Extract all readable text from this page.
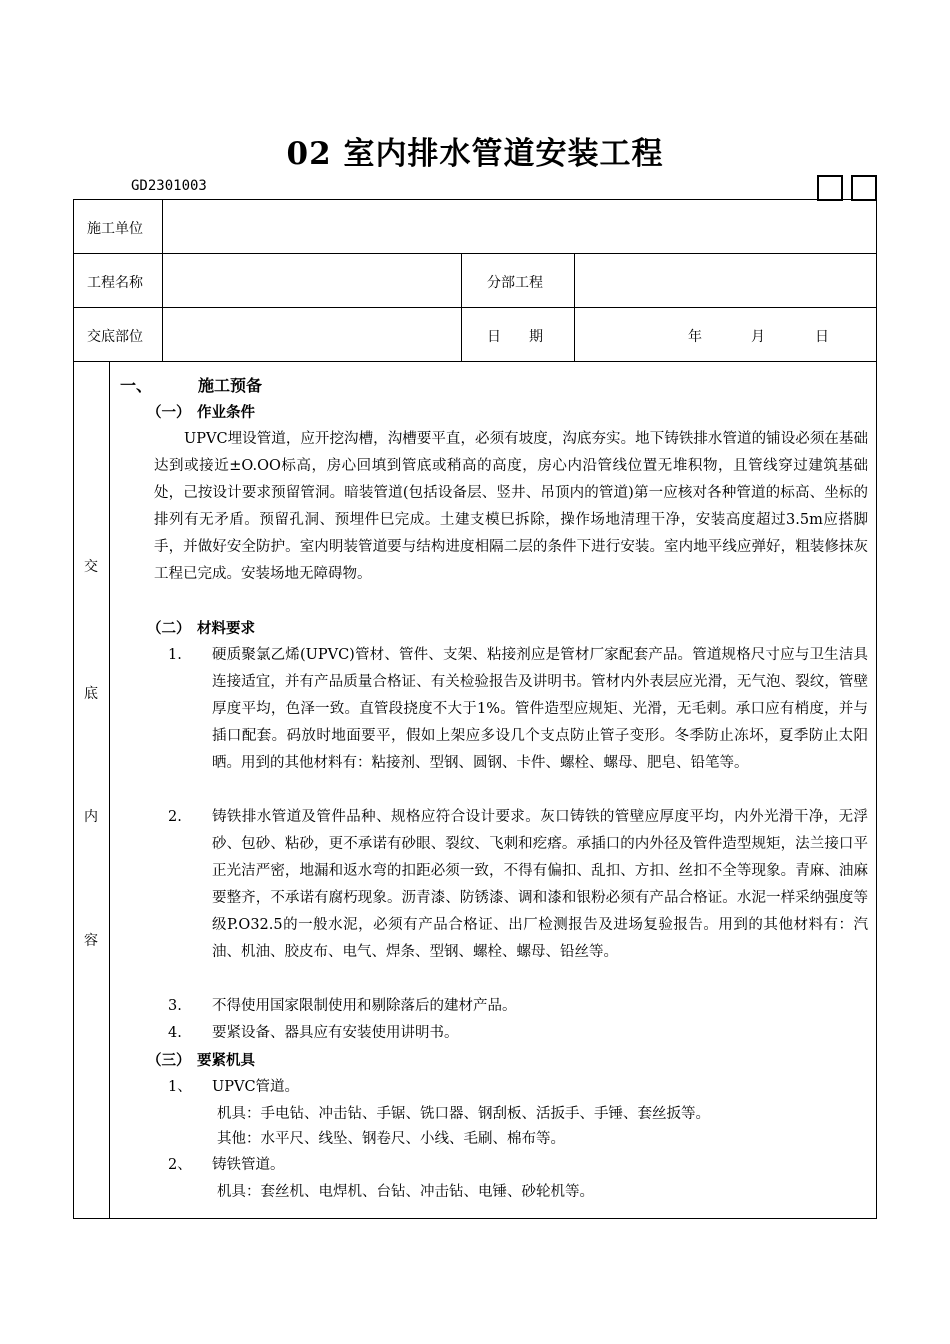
02 室内排水管道安装工程
GD2301003
施工单位
工程名称	分部工程
交底部位	日　　期	年	月	日
交
底
内
容
一、	施工预备
（一） 作业条件
UPVC埋设管道，应开挖沟槽，沟槽要平直，必须有坡度，沟底夯实。地下铸铁排水管道的铺设必须在基础达到或接近±O.OO标高，房心回填到管底或稍高的高度，房心内沿管线位置无堆积物，且管线穿过建筑基础处，己按设计要求预留管洞。暗装管道(包括设备层、竖井、吊顶内的管道)第一应核对各种管道的标高、坐标的排列有无矛盾。预留孔洞、预埋件巳完成。土建支模巳拆除，操作场地清理干净，安装高度超过3.5m应搭脚手，并做好安全防护。室内明装管道要与结构进度相隔二层的条件下进行安装。室内地平线应弹好，粗装修抹灰工程已完成。安装场地无障碍物。
（二） 材料要求
1. 硬质聚氯乙烯(UPVC)管材、管件、支架、粘接剂应是管材厂家配套产品。管道规格尺寸应与卫生洁具连接适宜，并有产品质量合格证、有关检验报告及讲明书。管材内外表层应光滑，无气泡、裂纹，管壁厚度平均，色泽一致。直管段挠度不大于1%。管件造型应规矩、光滑，无毛刺。承口应有梢度，并与插口配套。码放时地面要平，假如上架应多设几个支点防止管子变形。冬季防止冻坏，夏季防止太阳晒。用到的其他材料有：粘接剂、型钢、圆钢、卡件、螺栓、螺母、肥皂、铅笔等。
2. 铸铁排水管道及管件品种、规格应符合设计要求。灰口铸铁的管壁应厚度平均，内外光滑干净，无浮砂、包砂、粘砂，更不承诺有砂眼、裂纹、飞刺和疙瘩。承插口的内外径及管件造型规矩，法兰接口平正光洁严密，地漏和返水弯的扣距必须一致，不得有偏扣、乱扣、方扣、丝扣不全等现象。青麻、油麻要整齐，不承诺有腐朽现象。沥青漆、防锈漆、调和漆和银粉必须有产品合格证。水泥一样采纳强度等级P.O32.5的一般水泥，必须有产品合格证、出厂检测报告及进场复验报告。用到的其他材料有：汽油、机油、胶皮布、电气、焊条、型钢、螺栓、螺母、铅丝等。
3. 不得使用国家限制使用和剔除落后的建材产品。
4. 要紧设备、器具应有安装使用讲明书。
（三） 要紧机具
1、 UPVC管道。
机具：手电钻、冲击钻、手锯、铣口器、钢刮板、活扳手、手锤、套丝扳等。
其他：水平尺、线坠、钢卷尺、小线、毛刷、棉布等。
2、 铸铁管道。
机具：套丝机、电焊机、台钻、冲击钻、电锤、砂轮机等。
